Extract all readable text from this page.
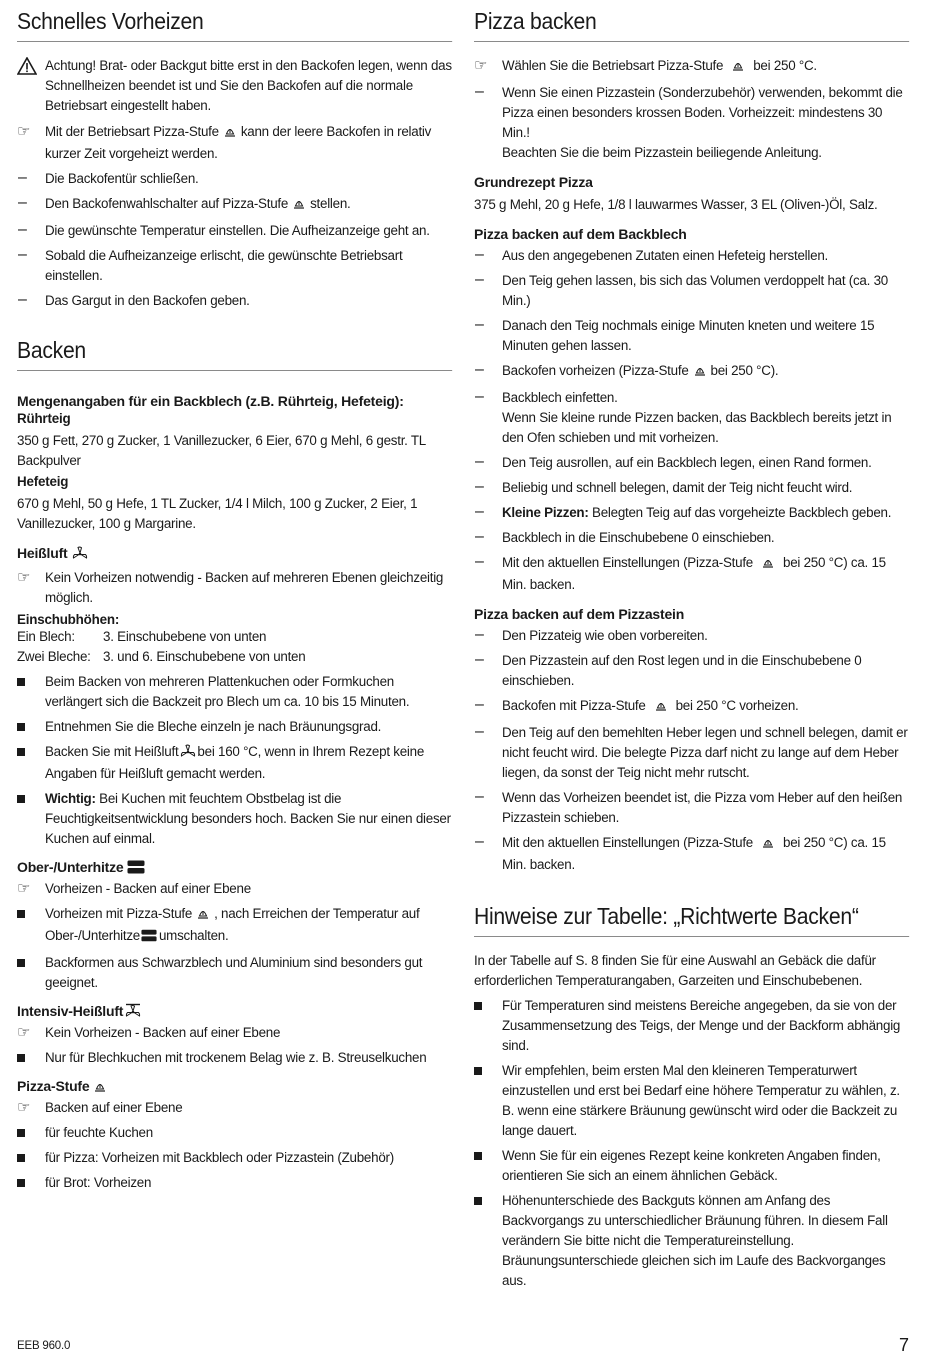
Schnelles Vorheizen

Achtung! Brat- oder Backgut bitte erst in den Backofen legen, wenn das Schnellheizen beendet ist und Sie den Backofen auf die normale Betriebsart eingestellt haben.

☞	Mit der Betriebsart Pizza-Stufe kann der leere Backofen in relativ kurzer Zeit vorgeheizt werden.

–	Die Backofentür schließen.

–	Den Backofenwahlschalter auf Pizza-Stufe stellen.

–	Die gewünschte Temperatur einstellen. Die Aufheizanzeige geht an.

–	Sobald die Aufheizanzeige erlischt, die gewünschte Betriebsart einstellen.

–	Das Gargut in den Backofen geben.

Backen
Mengenangaben für ein Backblech (z.B. Rührteig, Hefeteig):
Rührteig

350 g Fett, 270 g Zucker, 1 Vanillezucker, 6 Eier, 670 g Mehl, 6 gestr. TL Backpulver

Hefeteig

670 g Mehl, 50 g Hefe, 1 TL Zucker, 1/4 l Milch, 100 g Zucker, 2 Eier, 1 Vanillezucker, 100 g Margarine.

Heißluft
☞	Kein Vorheizen notwendig - Backen auf mehreren Ebenen gleichzeitig möglich.

Einschubhöhen:
Ein Blech: 3. Einschubebene von unten
Zwei Bleche: 3. und 6. Einschubebene von unten

Beim Backen von mehreren Plattenkuchen oder Formkuchen verlängert sich die Backzeit pro Blech um ca. 10 bis 15 Minuten.

Entnehmen Sie die Bleche einzeln je nach Bräunungsgrad.

Backen Sie mit Heißluft bei 160 °C, wenn in Ihrem Rezept keine Angaben für Heißluft gemacht werden.

Wichtig: Bei Kuchen mit feuchtem Obstbelag ist die Feuchtigkeitsentwicklung besonders hoch. Backen Sie nur einen dieser Kuchen auf einmal.

Ober-/Unterhitze
☞	Vorheizen - Backen auf einer Ebene

Vorheizen mit Pizza-Stufe , nach Erreichen der Temperatur auf
Ober-/Unterhitze umschalten.

Backformen aus Schwarzblech und Aluminium sind besonders gut geeignet.

Intensiv-Heißluft
☞	Kein Vorheizen - Backen auf einer Ebene

Nur für Blechkuchen mit trockenem Belag wie z. B. Streuselkuchen

Pizza-Stufe
☞	Backen auf einer Ebene

für feuchte Kuchen

für Pizza: Vorheizen mit Backblech oder Pizzastein (Zubehör)

für Brot: Vorheizen

Pizza backen
☞	Wählen Sie die Betriebsart Pizza-Stufe bei 250 °C.

–	Wenn Sie einen Pizzastein (Sonderzubehör) verwenden, bekommt die Pizza einen besonders krossen Boden. Vorheizzeit: mindestens 30 Min.!
Beachten Sie die beim Pizzastein beiliegende Anleitung.

Grundrezept Pizza

375 g Mehl, 20 g Hefe, 1/8 l lauwarmes Wasser, 3 EL (Oliven-)Öl, Salz.

Pizza backen auf dem Backblech
–	Aus den angegebenen Zutaten einen Hefeteig herstellen.

–	Den Teig gehen lassen, bis sich das Volumen verdoppelt hat (ca. 30 Min.)

–	Danach den Teig nochmals einige Minuten kneten und weitere 15 Minuten gehen lassen.

–	Backofen vorheizen (Pizza-Stufe bei 250 °C).

–	Backblech einfetten.
Wenn Sie kleine runde Pizzen backen, das Backblech bereits jetzt in den Ofen schieben und mit vorheizen.

–	Den Teig ausrollen, auf ein Backblech legen, einen Rand formen.

–	Beliebig und schnell belegen, damit der Teig nicht feucht wird.

–	Kleine Pizzen: Belegten Teig auf das vorgeheizte Backblech geben.

–	Backblech in die Einschubebene 0 einschieben.

–	Mit den aktuellen Einstellungen (Pizza-Stufe bei 250 °C) ca. 15 Min. backen.

Pizza backen auf dem Pizzastein
–	Den Pizzateig wie oben vorbereiten.

–	Den Pizzastein auf den Rost legen und in die Einschubebene 0 einschieben.

–	Backofen mit Pizza-Stufe bei 250 °C vorheizen.

–	Den Teig auf den bemehlten Heber legen und schnell belegen, damit er nicht feucht wird. Die belegte Pizza darf nicht zu lange auf dem Heber liegen, da sonst der Teig nicht mehr rutscht.

–	Wenn das Vorheizen beendet ist, die Pizza vom Heber auf den heißen Pizzastein schieben.

–	Mit den aktuellen Einstellungen (Pizza-Stufe bei 250 °C) ca. 15 Min. backen.

Hinweise zur Tabelle: „Richtwerte Backen“

In der Tabelle auf S. 8 finden Sie für eine Auswahl an Gebäck die dafür erforderlichen Temperaturangaben, Garzeiten und Einschubebenen.

Für Temperaturen sind meistens Bereiche angegeben, da sie von der Zusammensetzung des Teigs, der Menge und der Backform abhängig sind.

Wir empfehlen, beim ersten Mal den kleineren Temperaturwert einzustellen und erst bei Bedarf eine höhere Temperatur zu wählen, z. B. wenn eine stärkere Bräunung gewünscht wird oder die Backzeit zu lange dauert.

Wenn Sie für ein eigenes Rezept keine konkreten Angaben finden, orientieren Sie sich an einem ähnlichen Gebäck.

Höhenunterschiede des Backguts können am Anfang des Backvorgangs zu unterschiedlicher Bräunung führen. In diesem Fall verändern Sie bitte nicht die Temperatureinstellung. Bräunungsunterschiede gleichen sich im Laufe des Backvorganges aus.

EEB 960.0	7
